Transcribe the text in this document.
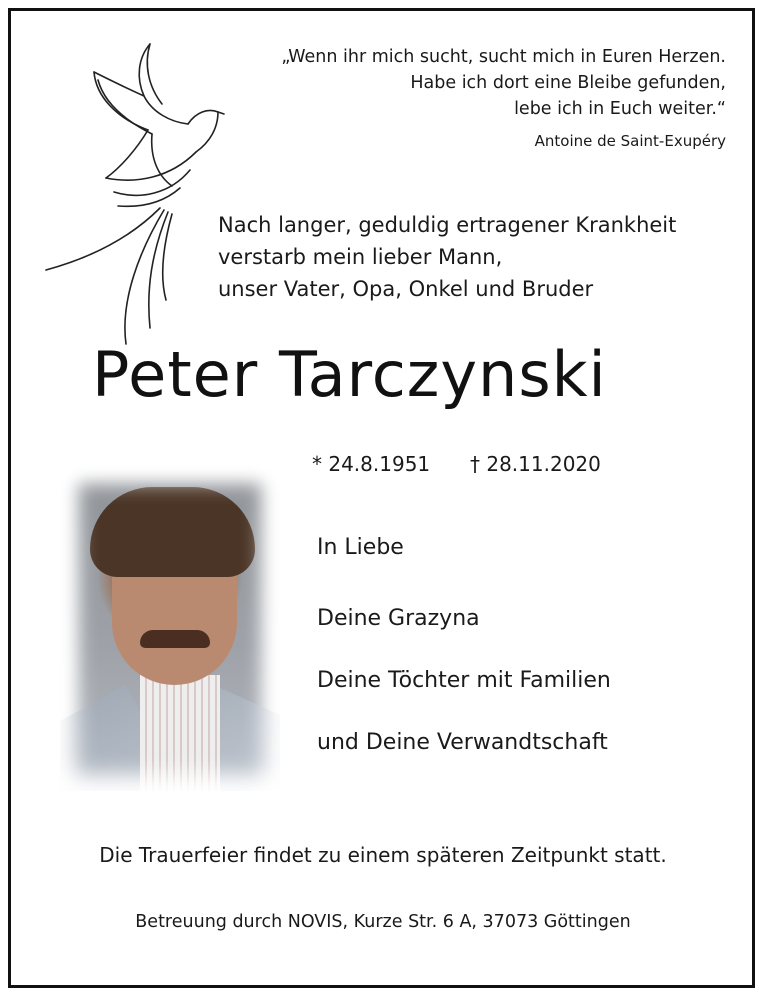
„Wenn ihr mich sucht, sucht mich in Euren Herzen.
Habe ich dort eine Bleibe gefunden,
lebe ich in Euch weiter.“
Antoine de Saint-Exupéry
Nach langer, geduldig ertragener Krankheit
verstarb mein lieber Mann,
unser Vater, Opa, Onkel und Bruder
Peter Tarczynski
* 24.8.1951 † 28.11.2020
In Liebe
Deine Grazyna
Deine Töchter mit Familien
und Deine Verwandtschaft
Die Trauerfeier findet zu einem späteren Zeitpunkt statt.
Betreuung durch NOVIS, Kurze Str. 6 A, 37073 Göttingen
